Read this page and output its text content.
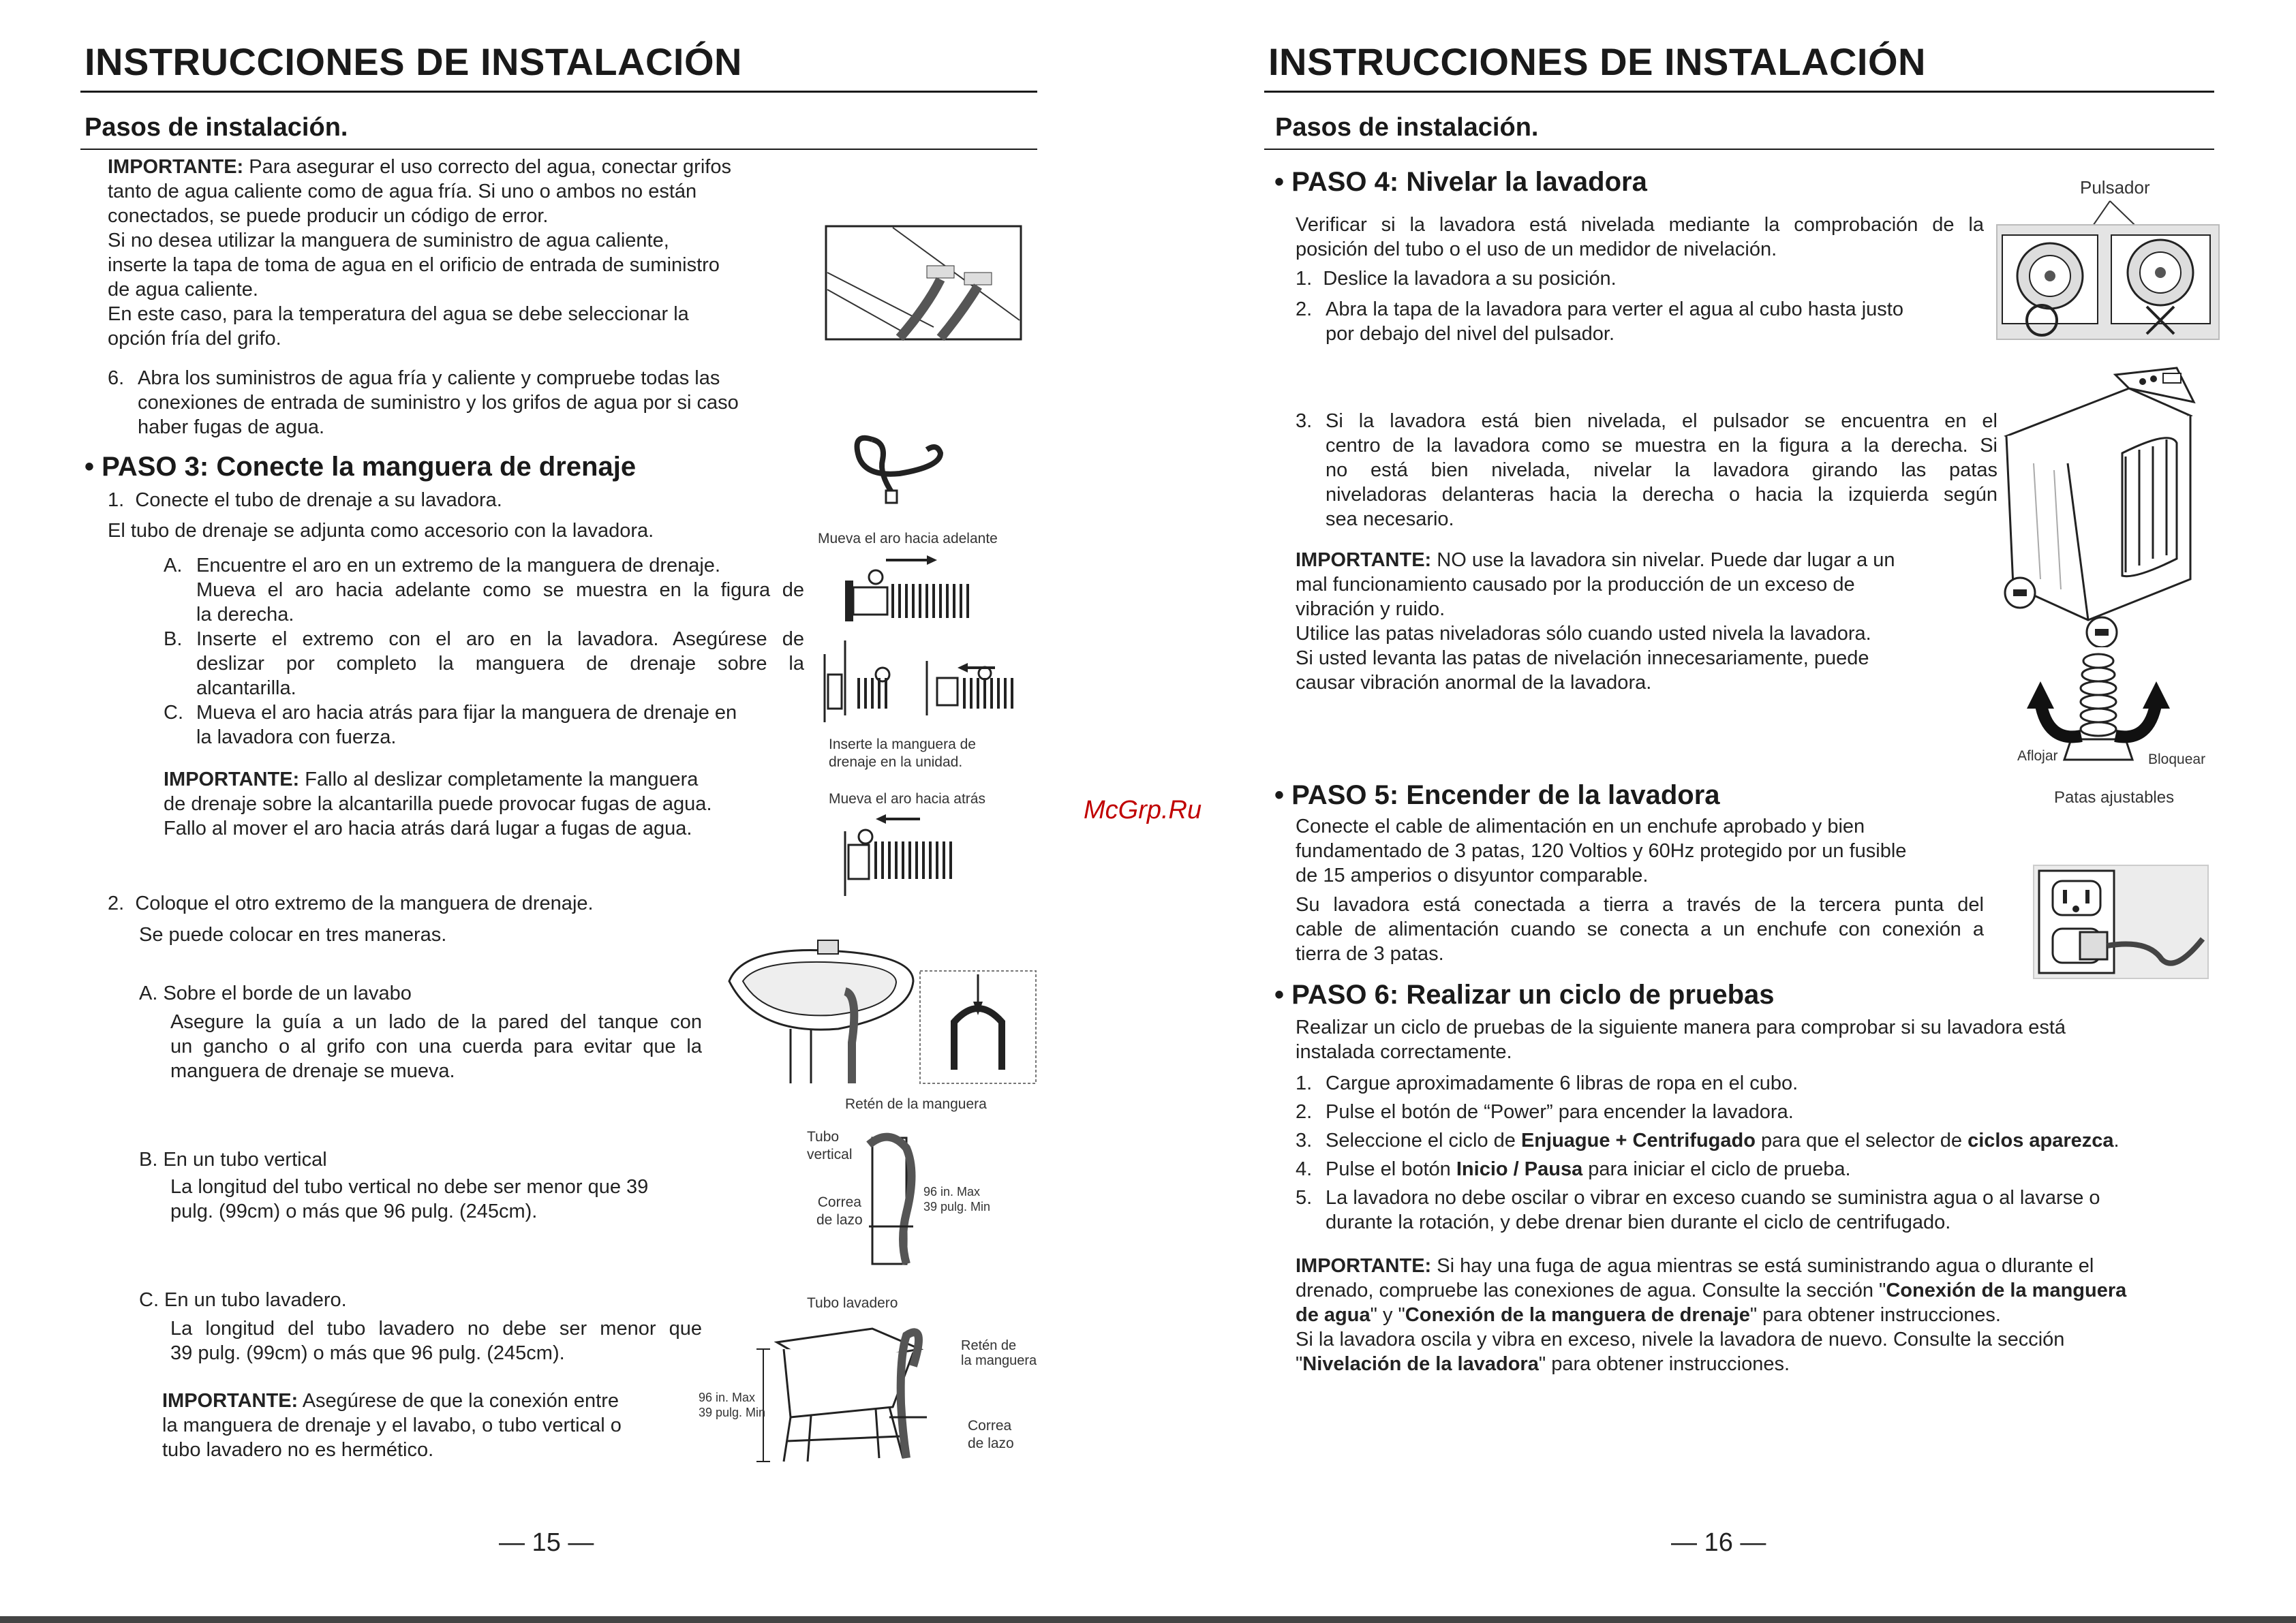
INSTRUCCIONES DE INSTALACIÓN
Pasos de instalación.
IMPORTANTE: Para asegurar el uso correcto del agua, conectar grifos
tanto de agua caliente como de agua fría. Si uno o ambos no están
conectados, se puede producir un código de error.
Si no desea utilizar la manguera de suministro de agua caliente,
inserte la tapa de toma de agua en el orificio de entrada de suministro
de agua caliente.
En este caso, para la temperatura del agua se debe seleccionar la
opción fría del grifo.
6. Abra los suministros de agua fría y caliente y compruebe todas las
conexiones de entrada de suministro y los grifos de agua por si caso
haber fugas de agua.
• PASO 3: Conecte la manguera de drenaje
1. Conecte el tubo de drenaje a su lavadora.
El tubo de drenaje se adjunta como accesorio con la lavadora.
A. Encuentre el aro en un extremo de la manguera de drenaje.
Mueva el aro hacia adelante como se muestra en la figura de
la derecha.
B. Inserte el extremo con el aro en la lavadora. Asegúrese de
deslizar por completo la manguera de drenaje sobre la
alcantarilla.
C. Mueva el aro hacia atrás para fijar la manguera de drenaje en
la lavadora con fuerza.
IMPORTANTE: Fallo al deslizar completamente la manguera
de drenaje sobre la alcantarilla puede provocar fugas de agua.
Fallo al mover el aro hacia atrás dará lugar a fugas de agua.
Mueva el aro hacia adelante
Inserte la manguera de
drenaje en la unidad.
Mueva el aro hacia atrás
2. Coloque el otro extremo de la manguera de drenaje.
Se puede colocar en tres maneras.
A. Sobre el borde de un lavabo
Asegure la guía a un lado de la pared del tanque con
un gancho o al grifo con una cuerda para evitar que la
manguera de drenaje se mueva.
Retén de la manguera
B. En un tubo vertical
La longitud del tubo vertical no debe ser menor que 39
pulg. (99cm) o más que 96 pulg. (245cm).
Tubo
vertical
Correa
de lazo
96 in. Max
39 pulg. Min
C. En un tubo lavadero.
La longitud del tubo lavadero no debe ser menor que
39 pulg. (99cm) o más que 96 pulg. (245cm).
IMPORTANTE: Asegúrese de que la conexión entre
la manguera de drenaje y el lavabo, o tubo vertical o
tubo lavadero no es hermético.
Tubo lavadero
Retén de
la manguera
96 in. Max
39 pulg. Min
Correa
de lazo
— 15 —
McGrp.Ru
INSTRUCCIONES DE INSTALACIÓN
Pasos de instalación.
• PASO 4: Nivelar la lavadora	Pulsador
Verificar si la lavadora está nivelada mediante la comprobación de la
posición del tubo o el uso de un medidor de nivelación.
1. Deslice la lavadora a su posición.
2. Abra la tapa de la lavadora para verter el agua al cubo hasta justo
por debajo del nivel del pulsador.
3. Si la lavadora está bien nivelada, el pulsador se encuentra en el
centro de la lavadora como se muestra en la figura a la derecha. Si
no está bien nivelada, nivelar la lavadora girando las patas
niveladoras delanteras hacia la derecha o hacia la izquierda según
sea necesario.
IMPORTANTE: NO use la lavadora sin nivelar. Puede dar lugar a un
mal funcionamiento causado por la producción de un exceso de
vibración y ruido.
Utilice las patas niveladoras sólo cuando usted nivela la lavadora.
Si usted levanta las patas de nivelación innecesariamente, puede
causar vibración anormal de la lavadora.
Aflojar	Bloquear
Patas ajustables
• PASO 5: Encender de la lavadora
Conecte el cable de alimentación en un enchufe aprobado y bien
fundamentado de 3 patas, 120 Voltios y 60Hz protegido por un fusible
de 15 amperios o disyuntor comparable.
Su lavadora está conectada a tierra a través de la tercera punta del
cable de alimentación cuando se conecta a un enchufe con conexión a
tierra de 3 patas.
• PASO 6: Realizar un ciclo de pruebas
Realizar un ciclo de pruebas de la siguiente manera para comprobar si su lavadora está
instalada correctamente.
1. Cargue aproximadamente 6 libras de ropa en el cubo.
2. Pulse el botón de “Power” para encender la lavadora.
3. Seleccione el ciclo de Enjuague + Centrifugado para que el selector de ciclos aparezca.
4. Pulse el botón Inicio / Pausa para iniciar el ciclo de prueba.
5. La lavadora no debe oscilar o vibrar en exceso cuando se suministra agua o al lavarse o
durante la rotación, y debe drenar bien durante el ciclo de centrifugado.
IMPORTANTE: Si hay una fuga de agua mientras se está suministrando agua o dlurante el
drenado, compruebe las conexiones de agua. Consulte la sección "Conexión de la manguera
de agua" y "Conexión de la manguera de drenaje" para obtener instrucciones.
Si la lavadora oscila y vibra en exceso, nivele la lavadora de nuevo. Consulte la sección
"Nivelación de la lavadora" para obtener instrucciones.
— 16 —
